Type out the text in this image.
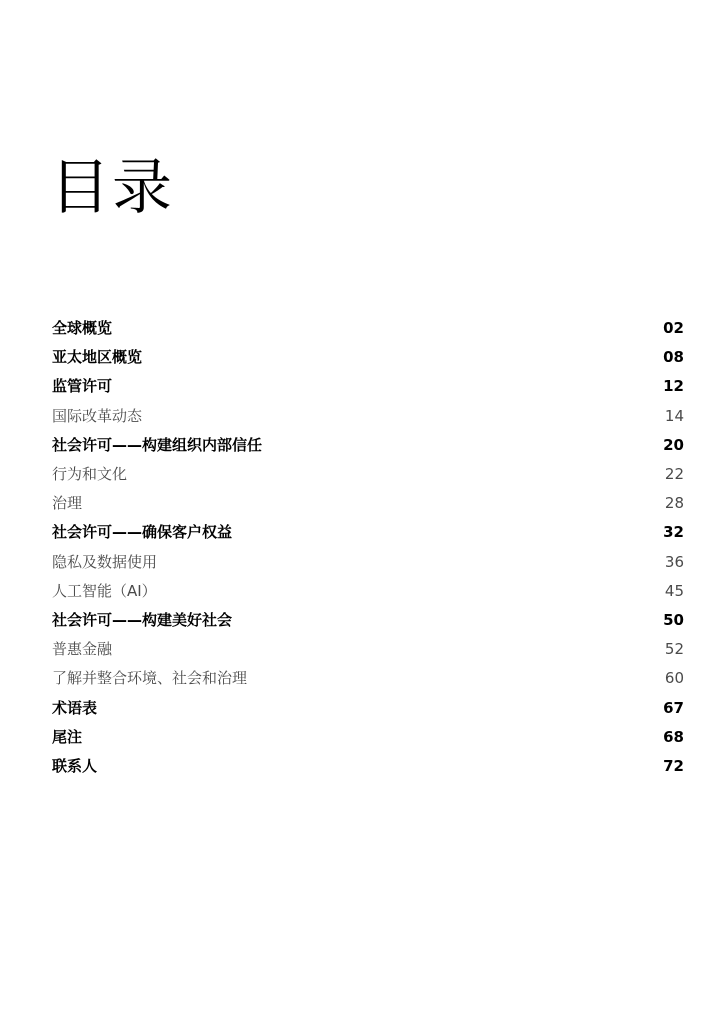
目录
全球概览	02
亚太地区概览	08
监管许可	12
国际改革动态	14
社会许可——构建组织内部信任	20
行为和文化	22
治理	28
社会许可——确保客户权益	32
隐私及数据使用	36
人工智能（AI）	45
社会许可——构建美好社会	50
普惠金融	52
了解并整合环境、社会和治理	60
术语表	67
尾注	68
联系人	72
